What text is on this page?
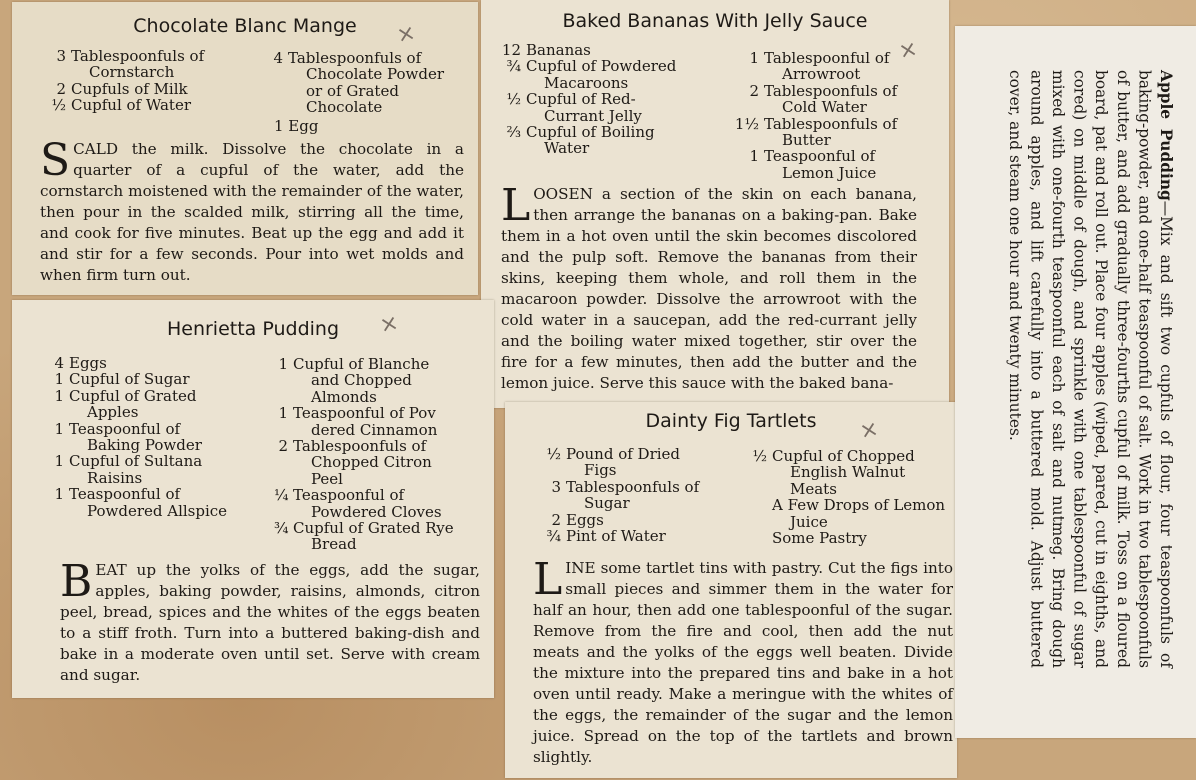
Chocolate Blanc Mange	×
3 Tablespoonfuls of
Cornstarch
2 Cupfuls of Milk
½ Cupful of Water
4 Tablespoonfuls of
Chocolate Powder
or of Grated
Chocolate
1 Egg
SCALD the milk. Dissolve the chocolate in a quarter of a cupful of the water, add the cornstarch moistened with the remainder of the water, then pour in the scalded milk, stirring all the time, and cook for five minutes. Beat up the egg and add it and stir for a few seconds. Pour into wet molds and when firm turn out.
Baked Bananas With Jelly Sauce
×
12 Bananas
¾ Cupful of Powdered
Macaroons
½ Cupful of Red-
Currant Jelly
⅔ Cupful of Boiling
Water
1 Tablespoonful of
Arrowroot
2 Tablespoonfuls of
Cold Water
1½ Tablespoonfuls of
Butter
1 Teaspoonful of
Lemon Juice
LOOSEN a section of the skin on each banana, then arrange the bananas on a baking-pan. Bake them in a hot oven until the skin becomes discolored and the pulp soft. Remove the bananas from their skins, keeping them whole, and roll them in the macaroon powder. Dissolve the arrowroot with the cold water in a saucepan, add the red-currant jelly and the boiling water mixed together, stir over the fire for a few minutes, then add the butter and the lemon juice. Serve this sauce with the baked bana-
Henrietta Pudding	×
4 Eggs
1 Cupful of Sugar
1 Cupful of Grated
Apples
1 Teaspoonful of
Baking Powder
1 Cupful of Sultana
Raisins
1 Teaspoonful of
Powdered Allspice
1 Cupful of Blanche
and Chopped
Almonds
1 Teaspoonful of Pov
dered Cinnamon
2 Tablespoonfuls of
Chopped Citron
Peel
¼ Teaspoonful of
Powdered Cloves
¾ Cupful of Grated Rye
Bread
BEAT up the yolks of the eggs, add the sugar, apples, baking powder, raisins, almonds, citron peel, bread, spices and the whites of the eggs beaten to a stiff froth. Turn into a buttered baking-dish and bake in a moderate oven until set. Serve with cream and sugar.
Dainty Fig Tartlets	×
½ Pound of Dried
Figs
3 Tablespoonfuls of
Sugar
2 Eggs
¾ Pint of Water
½ Cupful of Chopped
English Walnut
Meats
A Few Drops of Lemon
Juice
Some Pastry
LINE some tartlet tins with pastry. Cut the figs into small pieces and simmer them in the water for half an hour, then add one tablespoonful of the sugar. Remove from the fire and cool, then add the nut meats and the yolks of the eggs well beaten. Divide the mixture into the prepared tins and bake in a hot oven until ready. Make a meringue with the whites of the eggs, the remainder of the sugar and the lemon juice. Spread on the top of the tartlets and brown slightly.
Apple Pudding—Mix and sift two cupfuls of flour, four teaspoonfuls of baking-powder, and one-half teaspoonful of salt. Work in two tablespoonfuls of butter, and add gradually three-fourths cupful of milk. Toss on a floured board, pat and roll out. Place four apples (wiped, pared, cut in eighths, and cored) on middle of dough, and sprinkle with one tablespoonful of sugar mixed with one-fourth teaspoonful each of salt and nutmeg. Bring dough around apples, and lift carefully into a buttered mold. Adjust buttered cover, and steam one hour and twenty minutes.
